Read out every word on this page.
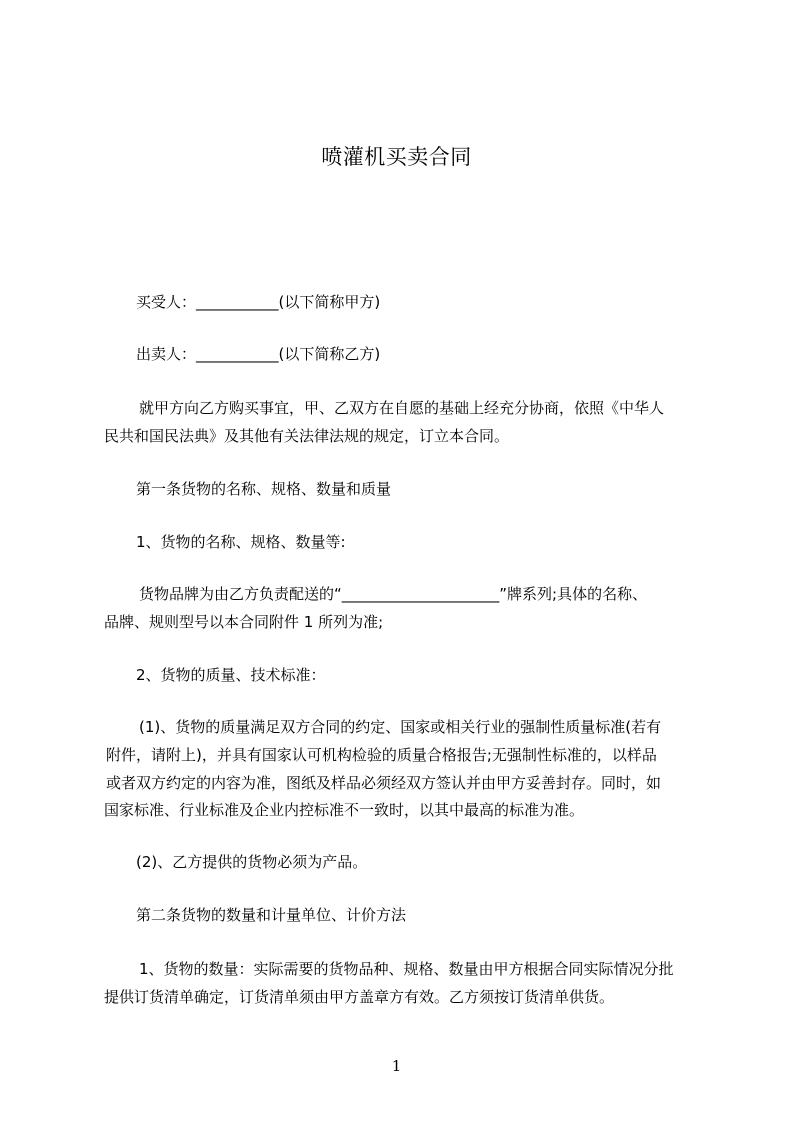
喷灌机买卖合同
买受人：___________(以下简称甲方)
出卖人：___________(以下简称乙方)
就甲方向乙方购买事宜，甲、乙双方在自愿的基础上经充分协商，依照《中华人
民共和国民法典》及其他有关法律法规的规定，订立本合同。
第一条货物的名称、规格、数量和质量
1、货物的名称、规格、数量等:
货物品牌为由乙方负责配送的“_____________________”牌系列;具体的名称、
品牌、规则型号以本合同附件 1 所列为准;
2、货物的质量、技术标准：
(1)、货物的质量满足双方合同的约定、国家或相关行业的强制性质量标准(若有
附件，请附上)，并具有国家认可机构检验的质量合格报告;无强制性标准的，以样品
或者双方约定的内容为准，图纸及样品必须经双方签认并由甲方妥善封存。同时，如
国家标准、行业标准及企业内控标准不一致时，以其中最高的标准为准。
(2)、乙方提供的货物必须为产品。
第二条货物的数量和计量单位、计价方法
1、货物的数量：实际需要的货物品种、规格、数量由甲方根据合同实际情况分批
提供订货清单确定，订货清单须由甲方盖章方有效。乙方须按订货清单供货。
1
